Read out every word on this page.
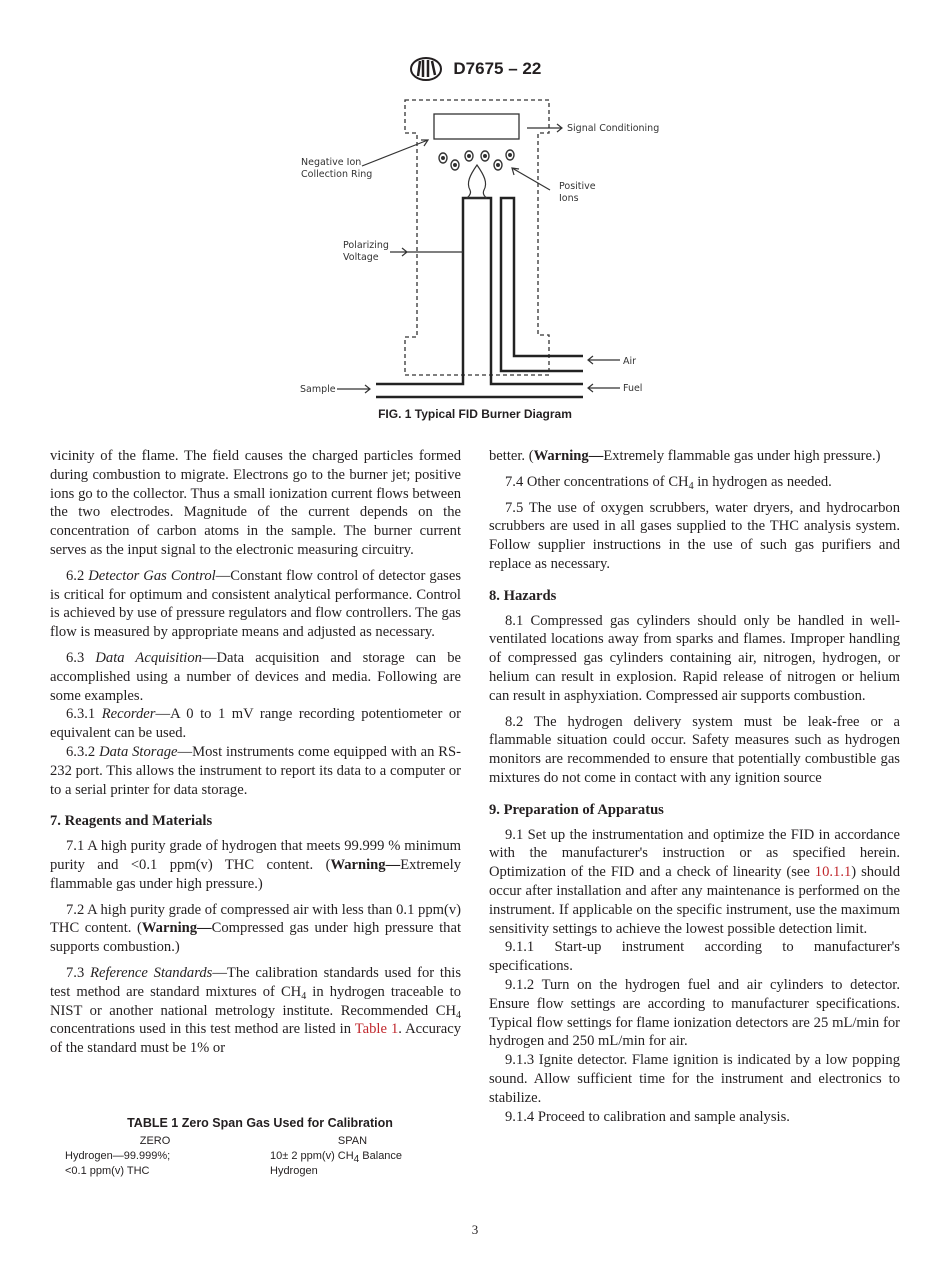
D7675 – 22
Signal Conditioning
Negative Ion
Collection Ring
Positive
Ions
Polarizing
Voltage
Air
Fuel
Sample
FIG. 1 Typical FID Burner Diagram

vicinity of the flame. The field causes the charged particles formed during combustion to migrate. Electrons go to the burner jet; positive ions go to the collector. Thus a small ionization current flows between the two electrodes. Magnitude of the current depends on the concentration of carbon atoms in the sample. The burner current serves as the input signal to the electronic measuring circuitry.

6.2 Detector Gas Control—Constant flow control of detector gases is critical for optimum and consistent analytical performance. Control is achieved by use of pressure regulators and flow controllers. The gas flow is measured by appropriate means and adjusted as necessary.

6.3 Data Acquisition—Data acquisition and storage can be accomplished using a number of devices and media. Following are some examples.

6.3.1 Recorder—A 0 to 1 mV range recording potentiometer or equivalent can be used.

6.3.2 Data Storage—Most instruments come equipped with an RS-232 port. This allows the instrument to report its data to a computer or to a serial printer for data storage.

7. Reagents and Materials

7.1 A high purity grade of hydrogen that meets 99.999 % minimum purity and <0.1 ppm(v) THC content. (Warning—Extremely flammable gas under high pressure.)

7.2 A high purity grade of compressed air with less than 0.1 ppm(v) THC content. (Warning—Compressed gas under high pressure that supports combustion.)

7.3 Reference Standards—The calibration standards used for this test method are standard mixtures of $CH_4$ in hydrogen traceable to NIST or another national metrology institute. Recommended $CH_4$ concentrations used in this test method are listed in Table 1. Accuracy of the standard must be 1% or

better. (Warning—Extremely flammable gas under high pressure.)

7.4 Other concentrations of $CH_4$ in hydrogen as needed.

7.5 The use of oxygen scrubbers, water dryers, and hydrocarbon scrubbers are used in all gases supplied to the THC analysis system. Follow supplier instructions in the use of such gas purifiers and replace as necessary.

8. Hazards

8.1 Compressed gas cylinders should only be handled in well-ventilated locations away from sparks and flames. Improper handling of compressed gas cylinders containing air, nitrogen, hydrogen, or helium can result in explosion. Rapid release of nitrogen or helium can result in asphyxiation. Compressed air supports combustion.

8.2 The hydrogen delivery system must be leak-free or a flammable situation could occur. Safety measures such as hydrogen monitors are recommended to ensure that potentially combustible gas mixtures do not come in contact with any ignition source

9. Preparation of Apparatus

9.1 Set up the instrumentation and optimize the FID in accordance with the manufacturer's instruction or as specified herein. Optimization of the FID and a check of linearity (see 10.1.1) should occur after installation and after any maintenance is performed on the instrument. If applicable on the specific instrument, use the maximum sensitivity settings to achieve the lowest possible detection limit.

9.1.1 Start-up instrument according to manufacturer's specifications.

9.1.2 Turn on the hydrogen fuel and air cylinders to detector. Ensure flow settings are according to manufacturer specifications. Typical flow settings for flame ionization detectors are 25 mL/min for hydrogen and 250 mL/min for air.

9.1.3 Ignite detector. Flame ignition is indicated by a low popping sound. Allow sufficient time for the instrument and electronics to stabilize.

9.1.4 Proceed to calibration and sample analysis.

TABLE 1 Zero Span Gas Used for Calibration
ZERO	SPAN
Hydrogen—99.999%;	10± 2 ppm(v) CH4 Balance
<0.1 ppm(v) THC	Hydrogen
3
